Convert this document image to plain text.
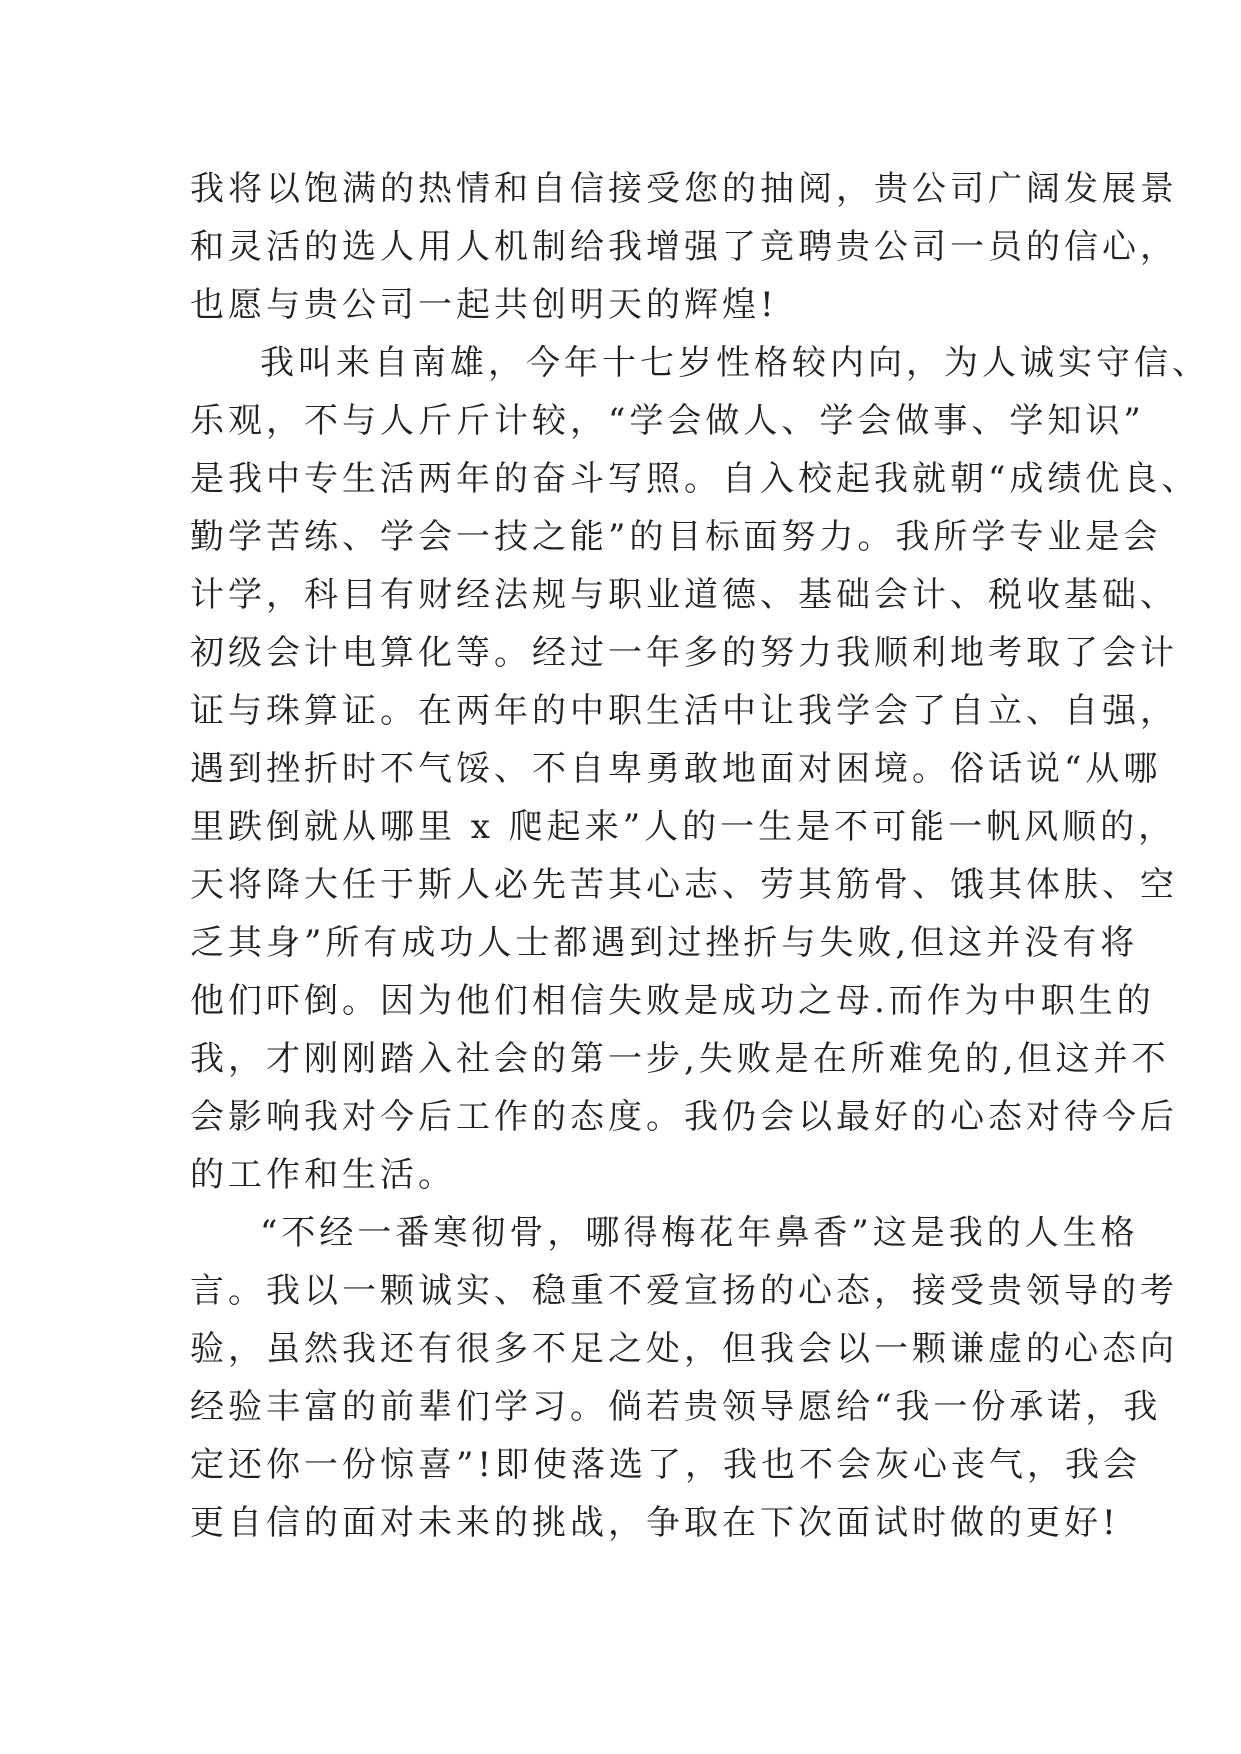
我将以饱满的热情和自信接受您的抽阅，贵公司广阔发展景
和灵活的选人用人机制给我增强了竞聘贵公司一员的信心，
也愿与贵公司一起共创明天的辉煌!
我叫来自南雄，今年十七岁性格较内向，为人诚实守信、
乐观，不与人斤斤计较，“学会做人、学会做事、学知识”
是我中专生活两年的奋斗写照。自入校起我就朝“成绩优良、
勤学苦练、学会一技之能”的目标面努力。我所学专业是会
计学，科目有财经法规与职业道德、基础会计、税收基础、
初级会计电算化等。经过一年多的努力我顺利地考取了会计
证与珠算证。在两年的中职生活中让我学会了自立、自强，
遇到挫折时不气馁、不自卑勇敢地面对困境。俗话说“从哪
里跌倒就从哪里 x 爬起来”人的一生是不可能一帆风顺的，
天将降大任于斯人必先苦其心志、劳其筋骨、饿其体肤、空
乏其身”所有成功人士都遇到过挫折与失败,但这并没有将
他们吓倒。因为他们相信失败是成功之母.而作为中职生的
我，才刚刚踏入社会的第一步,失败是在所难免的,但这并不
会影响我对今后工作的态度。我仍会以最好的心态对待今后
的工作和生活。
“不经一番寒彻骨，哪得梅花年鼻香”这是我的人生格
言。我以一颗诚实、稳重不爱宣扬的心态，接受贵领导的考
验，虽然我还有很多不足之处，但我会以一颗谦虚的心态向
经验丰富的前辈们学习。倘若贵领导愿给“我一份承诺，我
定还你一份惊喜”!即使落选了，我也不会灰心丧气，我会
更自信的面对未来的挑战，争取在下次面试时做的更好!
